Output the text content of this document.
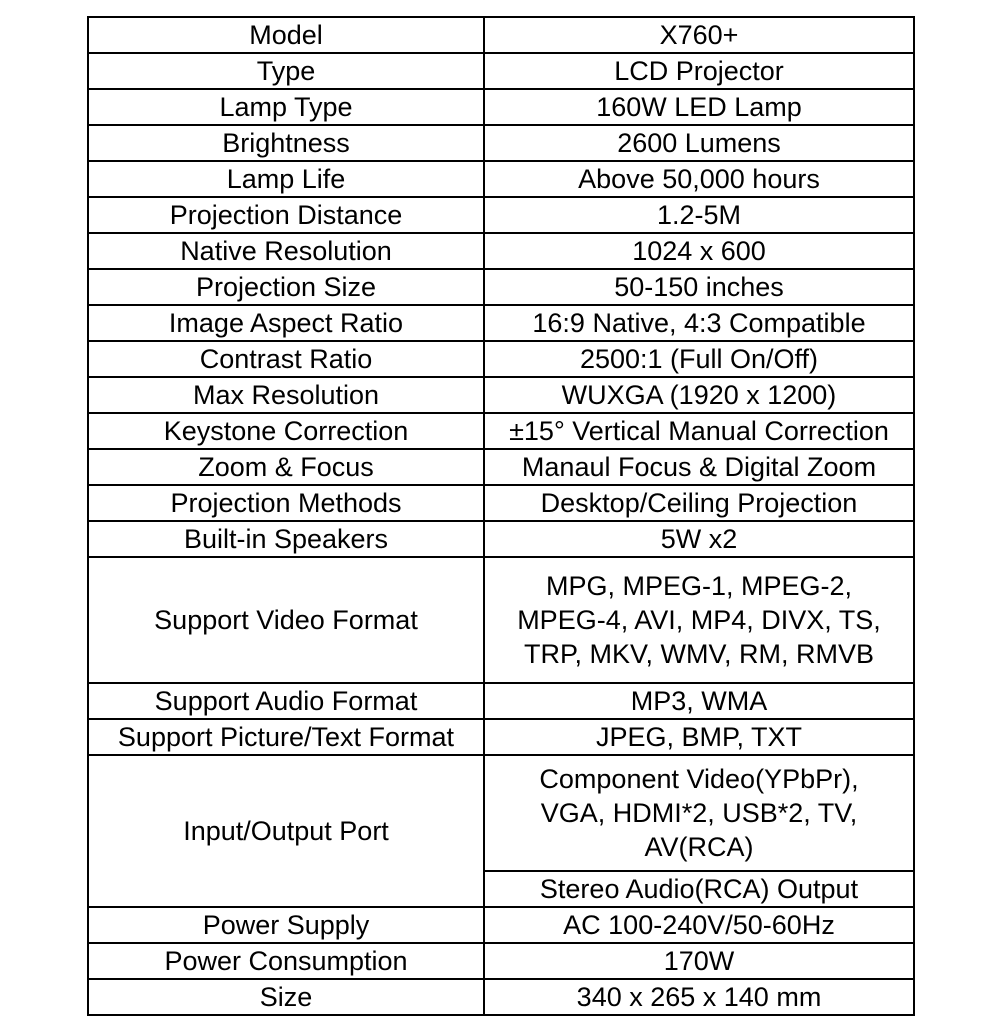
Model	X760+
Type	LCD Projector
Lamp Type	160W LED Lamp
Brightness	2600 Lumens
Lamp Life	Above 50,000 hours
Projection Distance	1.2-5M
Native Resolution	1024 x 600
Projection Size	50-150 inches
Image Aspect Ratio	16:9 Native, 4:3 Compatible
Contrast Ratio	2500:1 (Full On/Off)
Max Resolution	WUXGA (1920 x 1200)
Keystone Correction	±15° Vertical Manual Correction
Zoom & Focus	Manaul Focus & Digital Zoom
Projection Methods	Desktop/Ceiling Projection
Built-in Speakers	5W x2
Support Video Format	MPG, MPEG-1, MPEG-2,
MPEG-4, AVI, MP4, DIVX, TS,
TRP, MKV, WMV, RM, RMVB

Support Audio Format	MP3, WMA
Support Picture/Text Format	JPEG, BMP, TXT
Input/Output Port	Component Video(YPbPr),
VGA, HDMI*2, USB*2, TV,
AV(RCA)

	Stereo Audio(RCA) Output
Power Supply	AC 100-240V/50-60Hz
Power Consumption	170W
Size	340 x 265 x 140 mm
